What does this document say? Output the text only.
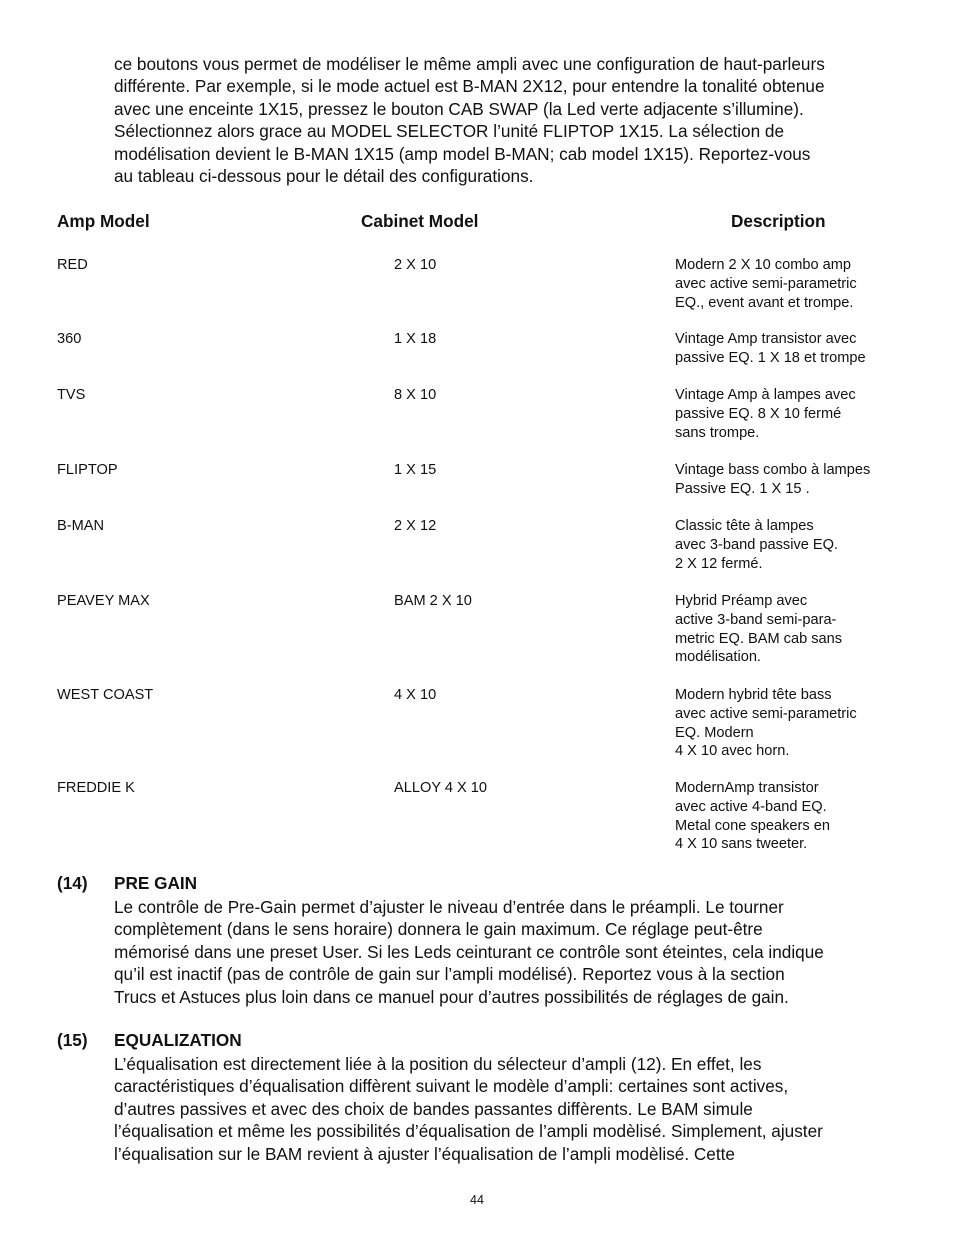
ce boutons vous permet de modéliser le même ampli avec une configuration de haut-parleurs
différente. Par exemple, si le mode actuel est B-MAN 2X12, pour entendre la tonalité obtenue
avec une enceinte 1X15, pressez le bouton CAB SWAP (la Led verte adjacente s’illumine).
Sélectionnez alors grace au MODEL SELECTOR l’unité FLIPTOP 1X15. La sélection de
modélisation devient le B-MAN 1X15 (amp model B-MAN; cab model 1X15). Reportez-vous
au tableau ci-dessous pour le détail des configurations.
Amp Model	Cabinet Model	Description
RED	2 X 10	Modern 2 X 10 combo amp
avec active semi-parametric
EQ., event avant et trompe.
360	1 X 18	Vintage Amp transistor avec
passive EQ. 1 X 18 et trompe
TVS	8 X 10	Vintage Amp à lampes avec
passive EQ. 8 X 10 fermé
sans trompe.
FLIPTOP	1 X 15	Vintage bass combo à lampes
Passive EQ. 1 X 15 .
B-MAN	2 X 12	Classic tête à lampes
avec 3-band passive EQ.
2 X 12 fermé.
PEAVEY MAX	BAM 2 X 10	Hybrid Préamp avec
active 3-band semi-para-
metric EQ. BAM cab sans
modélisation.
WEST COAST	4 X 10	Modern hybrid tête bass
avec active semi-parametric
EQ. Modern
4 X 10 avec horn.
FREDDIE K	ALLOY 4 X 10	ModernAmp transistor
avec active 4-band EQ.
Metal cone speakers en
4 X 10 sans tweeter.
(14) PRE GAIN
Le contrôle de Pre-Gain permet d’ajuster le niveau d’entrée dans le préampli. Le tourner
complètement (dans le sens horaire) donnera le gain maximum. Ce réglage peut-être
mémorisé dans une preset User. Si les Leds ceinturant ce contrôle sont éteintes, cela indique
qu’il est inactif (pas de contrôle de gain sur l’ampli modélisé). Reportez vous à la section
Trucs et Astuces plus loin dans ce manuel pour d’autres possibilités de réglages de gain.
(15) EQUALIZATION
L’équalisation est directement liée à la position du sélecteur d’ampli (12). En effet, les
caractéristiques d’équalisation diffèrent suivant le modèle d’ampli: certaines sont actives,
d’autres passives et avec des choix de bandes passantes diffèrents. Le BAM simule
l’équalisation et même les possibilités d’équalisation de l’ampli modèlisé. Simplement, ajuster
l’équalisation sur le BAM revient à ajuster l’équalisation de l’ampli modèlisé. Cette
44
